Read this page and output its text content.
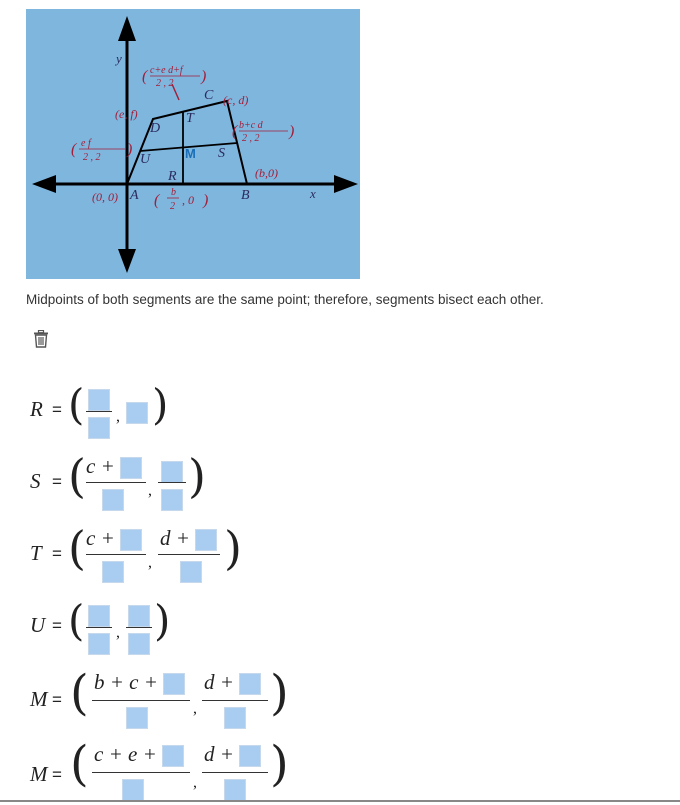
y
x
A	B
C
D
R
S
T
U	M
(0, 0)
(b,0)
(c, d)
(e, f)
( c+e d+f
2 , 2 )
( b+c d
2 , 2 )
( e f
2 , 2 )
( b
2 , 0 )
Midpoints of both segments are the same point; therefore, segments bisect each other.
R = ( , )
S = ( c +
, )
T = ( c +
,
d + )
U = ( , )
M = ( b + c +
,
d + )
M = ( c + e +
,
d + )
